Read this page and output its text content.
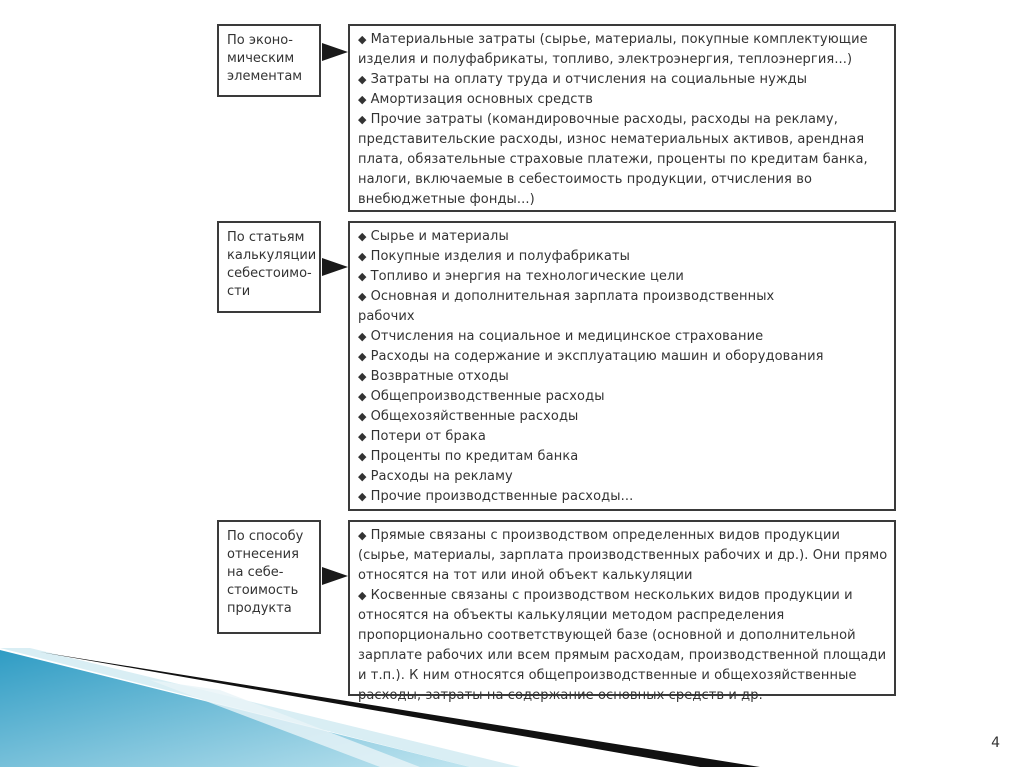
По эконо-
мическим
элементам
◆ Материальные затраты (сырье, материалы, покупные комплектующие изделия и полуфабрикаты, топливо, электроэнергия, теплоэнергия...)
◆ Затраты на оплату труда и отчисления на социальные нужды
◆ Амортизация основных средств
◆ Прочие затраты (командировочные расходы, расходы на рекламу, представительские расходы, износ нематериальных активов, арендная плата, обязательные страховые платежи, проценты по кредитам банка, налоги, включаемые в себестоимость продукции, отчисления во внебюджетные фонды...)
По статьям
калькуляции
себестоимо-
сти
◆ Сырье и материалы
◆ Покупные изделия и полуфабрикаты
◆ Топливо и энергия на технологические цели
◆ Основная и дополнительная зарплата производственных рабочих
◆ Отчисления на социальное и медицинское страхование
◆ Расходы на содержание и эксплуатацию машин и оборудования
◆ Возвратные отходы
◆ Общепроизводственные расходы
◆ Общехозяйственные расходы
◆ Потери от брака
◆ Проценты по кредитам банка
◆ Расходы на рекламу
◆ Прочие производственные расходы...
По способу
отнесения
на себе-
стоимость
продукта
◆ Прямые связаны с производством определенных видов продукции (сырье, материалы, зарплата производственных рабочих и др.). Они прямо относятся на тот или иной объект калькуляции
◆ Косвенные связаны с производством нескольких видов продукции и относятся на объекты калькуляции методом распределения пропорционально соответствующей базе (основной и дополнительной зарплате рабочих или всем прямым расходам, производственной площади и т.п.). К ним относятся общепроизводственные и общехозяйственные расходы, затраты на содержание основных средств и др.
4
